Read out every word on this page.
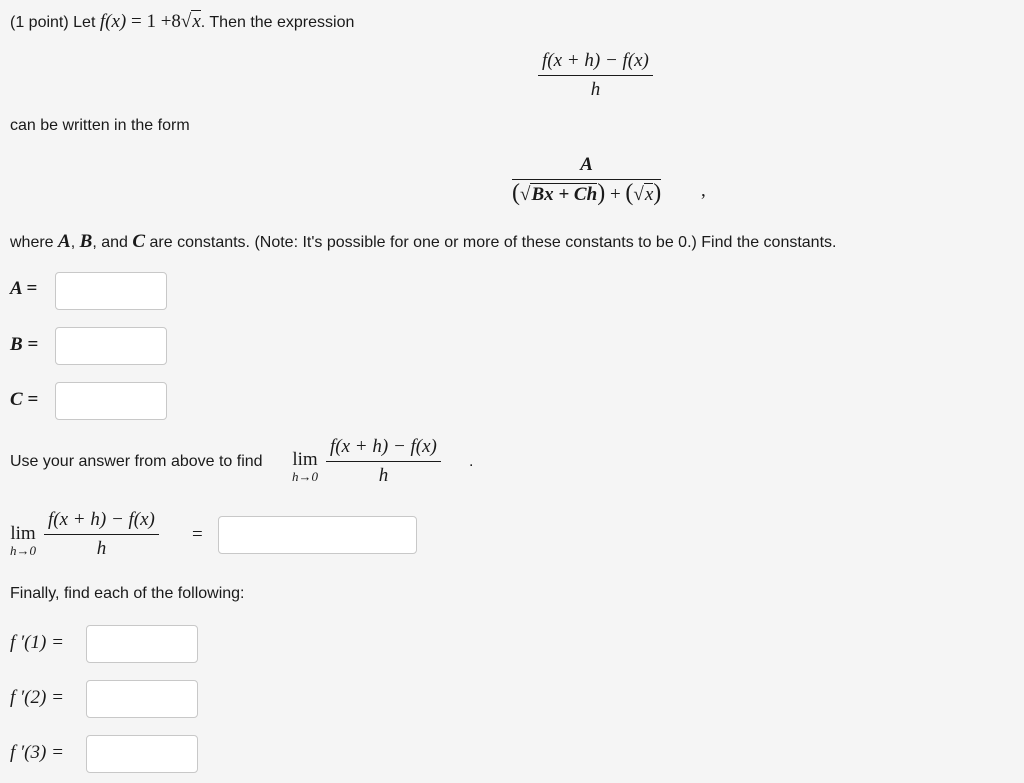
(1 point) Let f(x) = 1 +8√x. Then the expression
f(x + h) − f(x)
h
can be written in the form
A
(√Bx + Ch) + (√x) ,
where A, B, and C are constants. (Note: It's possible for one or more of these constants to be 0.) Find the constants.
A =
B =
C =
Use your answer from above to find lim
h→0
f(x + h) − f(x)
h
.
lim
h→0
f(x + h) − f(x)
h
=
Finally, find each of the following:
f ′(1) =
f ′(2) =
f ′(3) =
